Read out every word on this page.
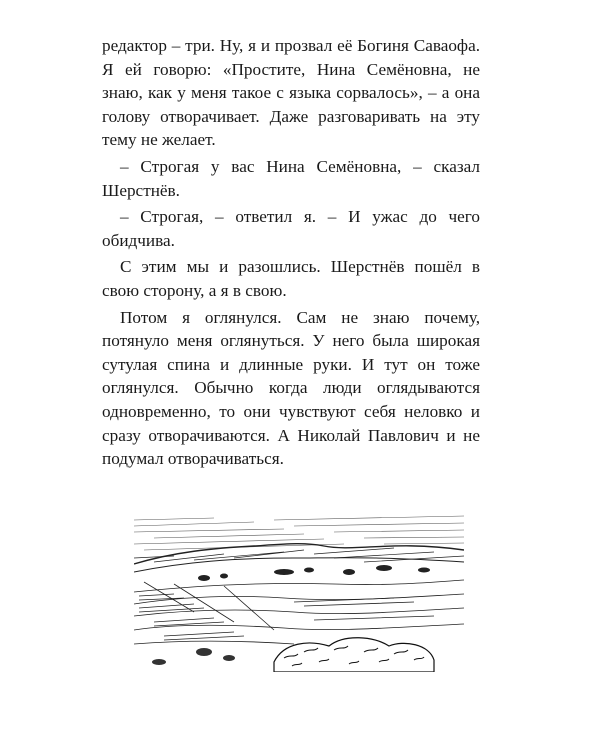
редактор – три. Ну, я и прозвал её Богиня Саваофа. Я ей говорю: «Простите, Нина Семёновна, не знаю, как у меня такое с языка сорвалось», – а она голову отворачивает. Даже разговаривать на эту тему не желает.

– Строгая у вас Нина Семёновна, – сказал Шерстнёв.

– Строгая, – ответил я. – И ужас до чего обидчива.

С этим мы и разошлись. Шерстнёв пошёл в свою сторону, а я в свою.

Потом я оглянулся. Сам не знаю почему, потянуло меня оглянуться. У него была широкая сутулая спина и длинные руки. И тут он тоже оглянулся. Обычно когда люди оглядываются одновременно, то они чувствуют себя неловко и сразу отворачиваются. А Николай Павлович и не подумал отворачиваться.
